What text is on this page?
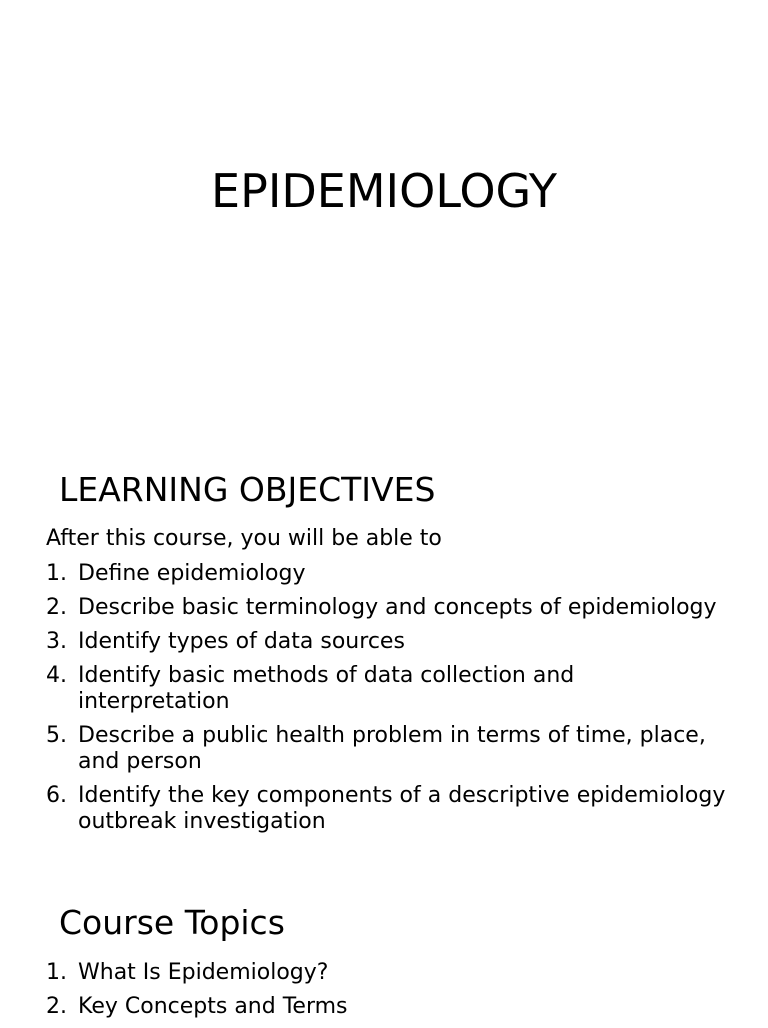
EPIDEMIOLOGY
LEARNING OBJECTIVES
After this course, you will be able to
1. Define epidemiology
2. Describe basic terminology and concepts of epidemiology
3. Identify types of data sources
4. Identify basic methods of data collection and interpretation
5. Describe a public health problem in terms of time, place, and person
6. Identify the key components of a descriptive epidemiology outbreak investigation
Course Topics
1. What Is Epidemiology?
2. Key Concepts and Terms
